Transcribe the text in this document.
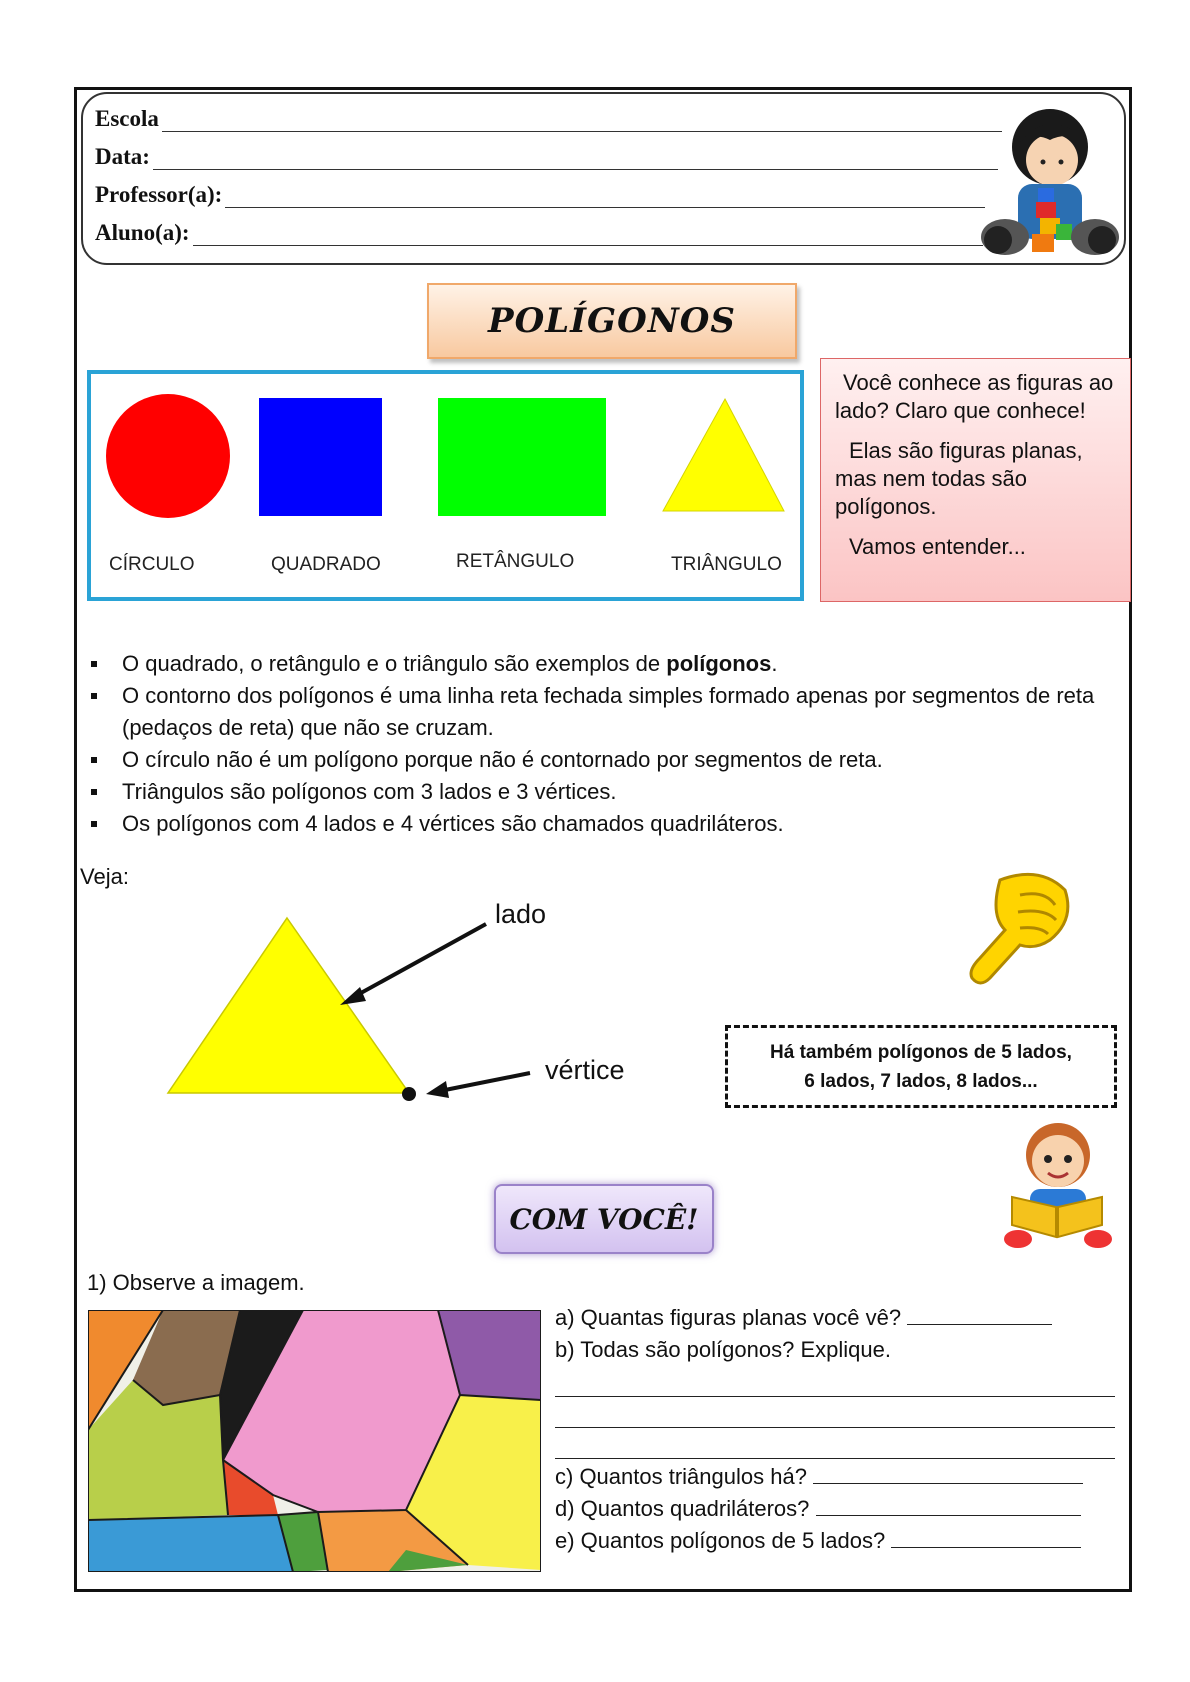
Escola
Data:
Professor(a):
Aluno(a):
POLÍGONOS
CÍRCULO	QUADRADO	RETÂNGULO	TRIÂNGULO

Você conhece as figuras ao lado? Claro que conhece!

Elas são figuras planas, mas nem todas são polígonos.

Vamos entender...

O quadrado, o retângulo e o triângulo são exemplos de polígonos.
O contorno dos polígonos é uma linha reta fechada simples formado apenas por segmentos de reta (pedaços de reta) que não se cruzam.
O círculo não é um polígono porque não é contornado por segmentos de reta.
Triângulos são polígonos com 3 lados e 3 vértices.
Os polígonos com 4 lados e 4 vértices são chamados quadriláteros.
Veja:
lado
vértice
Há também polígonos de 5 lados,
6 lados, 7 lados, 8 lados...
COM VOCÊ!
1) Observe a imagem.
a) Quantas figuras planas você vê?
b) Todas são polígonos? Explique.
c) Quantos triângulos há?
d) Quantos quadriláteros?
e) Quantos polígonos de 5 lados?
